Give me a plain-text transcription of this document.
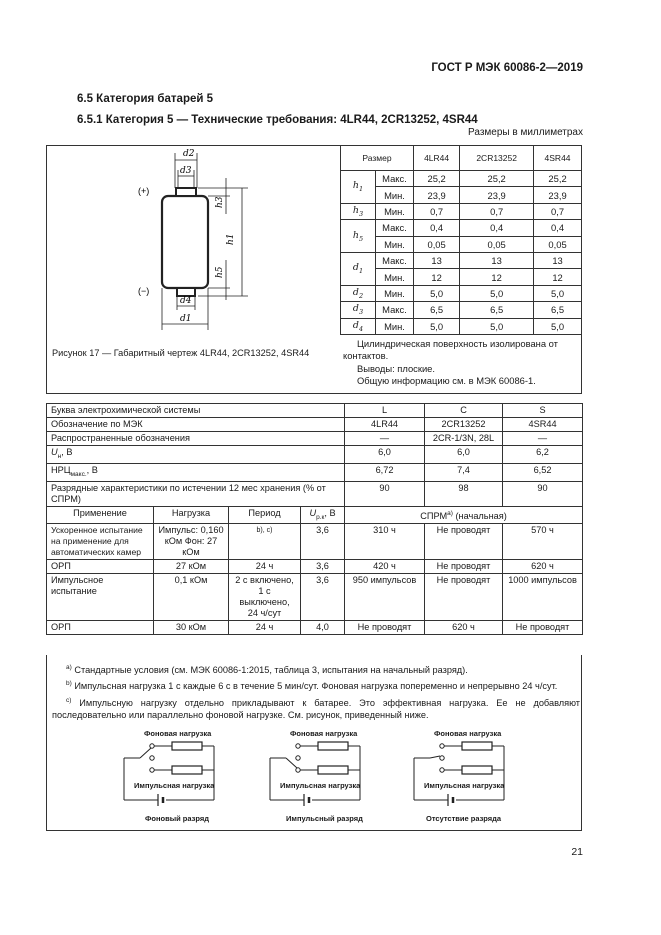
ГОСТ Р МЭК 60086-2—2019
6.5 Категория батарей 5
6.5.1 Категория 5 — Технические требования: 4LR44, 2CR13252, 4SR44
Размеры в миллиметрах
d2
d3
d4
d1
h1
h3
h5
(+)
(−)
Рисунок 17 — Габаритный чертеж 4LR44, 2CR13252, 4SR44
Размер		4LR44	2CR13252	4SR44
$h_1$	Макс.	25,2	25,2	25,2
	Мин.	23,9	23,9	23,9
$h_3$	Мин.	0,7	0,7	0,7
$h_5$	Макс.	0,4	0,4	0,4
	Мин.	0,05	0,05	0,05
$d_1$	Макс.	13	13	13
	Мин.	12	12	12
$d_2$	Мин.	5,0	5,0	5,0
$d_3$	Макс.	6,5	6,5	6,5
$d_4$	Мин.	5,0	5,0	5,0

Цилиндрическая поверхность изолирована от контактов.

Выводы: плоские.

Общую информацию см. в МЭК 60086-1.

Буква электрохимической системы				L	C	S
Обозначение по МЭК				4LR44	2CR13252	4SR44
Распространенные обозначения				—	2CR-1/3N, 28L	—
$U_н$, В				6,0	6,0	6,2
$НРЦ_{макс.}$, В				6,72	7,4	6,52
Разрядные характеристики по истечении 12 мес хранения (% от СПРМ)				90	98	90
Применение	Нагрузка	Период	$U_{р.к}$, В	СПРМ$^{a)}$ (начальная)		
Ускоренное испытание на применение для автоматических камер	Импульс: 0,160 кОм Фон: 27 кОм	b), c)	3,6	310 ч	Не проводят	570 ч
ОРП	27 кОм	24 ч	3,6	420 ч	Не проводят	620 ч
Импульсное испытание	0,1 кОм	2 с включено, 1 с выключено, 24 ч/сут	3,6	950 импульсов	Не проводят	1000 импульсов
ОРП	30 кОм	24 ч	4,0	Не проводят	620 ч	Не проводят

$^{a)}$ Стандартные условия (см. МЭК 60086-1:2015, таблица 3, испытания на начальный разряд).

$^{b)}$ Импульсная нагрузка 1 с каждые 6 с в течение 5 мин/сут. Фоновая нагрузка попеременно и непрерывно 24 ч/сут.

$^{c)}$ Импульсную нагрузку отдельно прикладывают к батарее. Это эффективная нагрузка. Ее не добавляют последовательно или параллельно фоновой нагрузке. См. рисунок, приведенный ниже.

Фоновая нагрузка
Импульсная нагрузка
Фоновый разряд
Фоновая нагрузка
Импульсная нагрузка
Импульсный разряд
Фоновая нагрузка
Импульсная нагрузка
Отсутствие разряда
21
